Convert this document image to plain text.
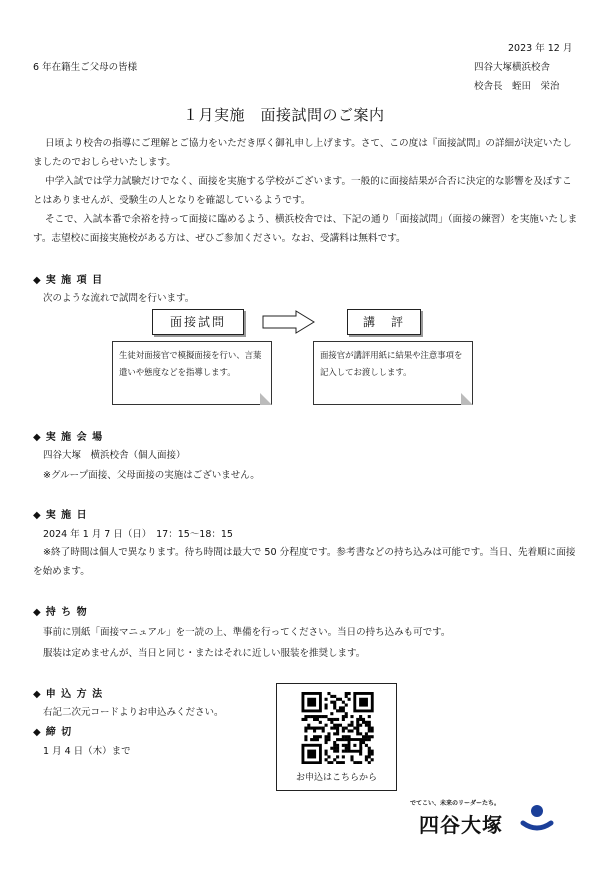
2023 年 12 月
6 年在籍生ご父母の皆様	四谷大塚横浜校舎
校舎長　蛭田　栄治
１月実施　面接試問のご案内
日頃より校舎の指導にご理解とご協力をいただき厚く御礼申し上げます。さて、この度は『面接試問』の詳細が決定いたしましたのでおしらせいたします。
中学入試では学力試験だけでなく、面接を実施する学校がございます。一般的に面接結果が合否に決定的な影響を及ぼすことはありませんが、受験生の人となりを確認しているようです。
そこで、入試本番で余裕を持って面接に臨めるよう、横浜校舎では、下記の通り「面接試問」（面接の練習）を実施いたします。志望校に面接実施校がある方は、ぜひご参加ください。なお、受講料は無料です。
◆ 実 施 項 目
次のような流れで試問を行います。
面接試問	講　評
生徒対面接官で模擬面接を行い、言葉遣いや態度などを指導します。
面接官が講評用紙に結果や注意事項を記入してお渡しします。
◆ 実 施 会 場
四谷大塚　横浜校舎（個人面接）
※グループ面接、父母面接の実施はございません。
◆ 実 施 日
2024 年 1 月 7 日（日）　17：15～18：15
※終了時間は個人で異なります。待ち時間は最大で 50 分程度です。参考書などの持ち込みは可能です。当日、先着順に面接を始めます。
◆ 持 ち 物
事前に別紙「面接マニュアル」を一読の上、準備を行ってください。当日の持ち込みも可です。
服装は定めませんが、当日と同じ・またはそれに近しい服装を推奨します。
◆ 申 込 方 法
右記二次元コードよりお申込みください。
◆ 締 切
1 月 4 日（木）まで
お申込はこちらから
でてこい、未来のリーダーたち。
四谷大塚
